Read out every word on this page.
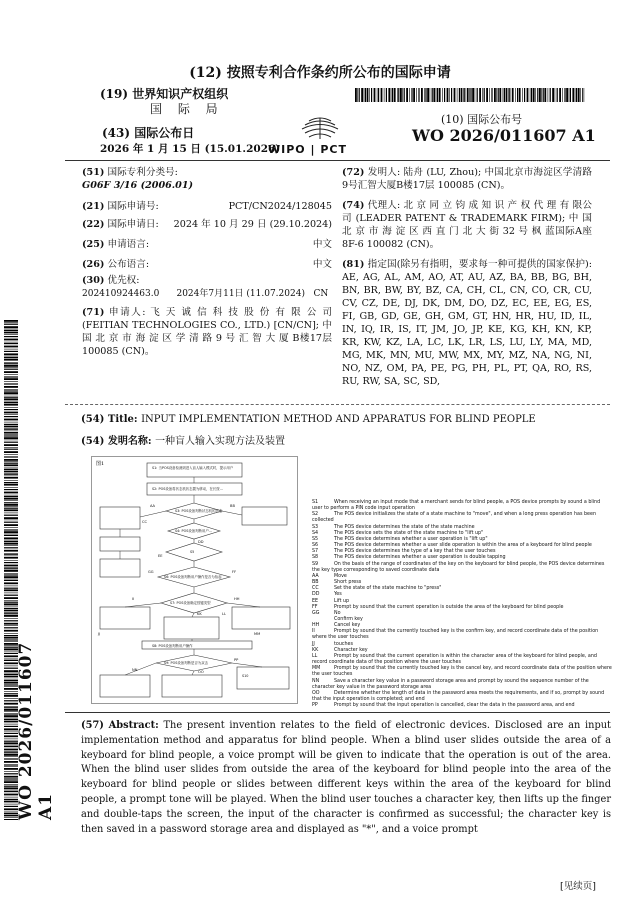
(12) 按照专利合作条约所公布的国际申请
(19) 世界知识产权组织
国 际 局
(43) 国际公布日
2026 年 1 月 15 日 (15.01.2026)
WIPO | PCT
(10) 国际公布号
WO 2026/011607 A1
(51) 国际专利分类号:
G06F 3/16 (2006.01)
(21) 国际申请号:	PCT/CN2024/128045
(22) 国际申请日: 2024 年 10 月 29 日 (29.10.2024)
(25) 申请语言:	中文
(26) 公布语言:	中文
(30) 优先权:
202410924463.0      2024年7月11日 (11.07.2024)   CN
(71) 申请人: 飞 天 诚 信 科 技 股 份 有 限 公 司 (FEITIAN TECHNOLOGIES CO., LTD.) [CN/CN]; 中 国 北 京 市 海 淀 区 学 清 路 9 号 汇 智 大 厦 B楼17层 100085 (CN)。
(72) 发明人: 陆舟 (LU, Zhou); 中国北京市海淀区学清路9号汇智大厦B楼17层 100085 (CN)。
(74) 代理人: 北 京 同 立 钧 成 知 识 产 权 代 理 有 限公司 (LEADER PATENT & TRADEMARK FIRM); 中 国 北 京 市 海 淀 区 西 直 门 北 大 街 32 号 枫 蓝国际A座8F-6 100082 (CN)。
(81) 指定国(除另有指明，要求每一种可提供的国家保护): AE, AG, AL, AM, AO, AT, AU, AZ, BA, BB, BG, BH, BN, BR, BW, BY, BZ, CA, CH, CL, CN, CO, CR, CU, CV, CZ, DE, DJ, DK, DM, DO, DZ, EC, EE, EG, ES, FI, GB, GD, GE, GH, GM, GT, HN, HR, HU, ID, IL, IN, IQ, IR, IS, IT, JM, JO, JP, KE, KG, KH, KN, KP, KR, KW, KZ, LA, LC, LK, LR, LS, LU, LY, MA, MD, MG, MK, MN, MU, MW, MX, MY, MZ, NA, NG, NI, NO, NZ, OM, PA, PE, PG, PH, PL, PT, QA, RO, RS, RU, RW, SA, SC, SD,
WO 2026/011607 A1
(54) Title: INPUT IMPLEMENTATION METHOD AND APPARATUS FOR BLIND PEOPLE
(54) 发明名称: 一种盲人输入实现方法及装置
图1
S1: 当POS设备检测到进入盲人输入模式时，提示用户
S2: POS设备将状态机状态置为移动，在长按...
S3: POS设备判断状态机的状态
S4: POS设备判断用户...
S5
S6: POS设备判断用户操作是否为抬起
S7: POS设备确定按键类型
S8: POS设备判断用户操作
S9: POS设备判断是否为双击
S10
AA	BB
CC
DD
EE
FF
GG
HH
II
JJ
KK	LL
MM
NN	OO
PP
S1	When receiving an input mode that a merchant sends for blind people, a POS device prompts by sound a blind user to perform a PIN code input operation
S2	The POS device initializes the state of a state machine to "move", and when a long press operation has been collected
S3	The POS device determines the state of the state machine
S4	The POS device sets the state of the state machine to "lift up"
S5	The POS device determines whether a user operation is "lift up"
S6	The POS device determines whether a user slide operation is within the area of a keyboard for blind people
S7	The POS device determines the type of a key that the user touches
S8	The POS device determines whether a user operation is double tapping
S9	On the basis of the range of coordinates of the key on the keyboard for blind people, the POS device determines the key type corresponding to saved coordinate data
AA	Move
BB	Short press
CC	Set the state of the state machine to "press"
DD	Yes
EE	Lift up
FF	Prompt by sound that the current operation is outside the area of the keyboard for blind people
GG	No
Confirm key
HH	Cancel key
II	Prompt by sound that the currently touched key is the confirm key, and record coordinate data of the position where the user touches
JJ	touches
KK	Character key
LL	Prompt by sound that the current operation is within the character area of the keyboard for blind people, and record coordinate data of the position where the user touches
MM	Prompt by sound that the currently touched key is the cancel key, and record coordinate data of the position where the user touches
NN	Save a character key value in a password storage area and prompt by sound the sequence number of the character key value in the password storage area
OO	Determine whether the length of data in the password area meets the requirements, and if so, prompt by sound that the input operation is completed; and end
PP	Prompt by sound that the input operation is cancelled, clear the data in the password area, and end
(57) Abstract: The present invention relates to the field of electronic devices. Disclosed are an input implementation method and apparatus for blind people. When a blind user slides outside the area of a keyboard for blind people, a voice prompt will be given to indicate that the operation is out of the area. When the blind user slides from outside the area of the keyboard for blind people into the area of the keyboard for blind people or slides between different keys within the area of the keyboard for blind people, a prompt tone will be played. When the blind user touches a character key, then lifts up the finger and double-taps the screen, the input of the character is confirmed as successful; the character key is then saved in a password storage area and displayed as "*", and a voice prompt
[见续页]
